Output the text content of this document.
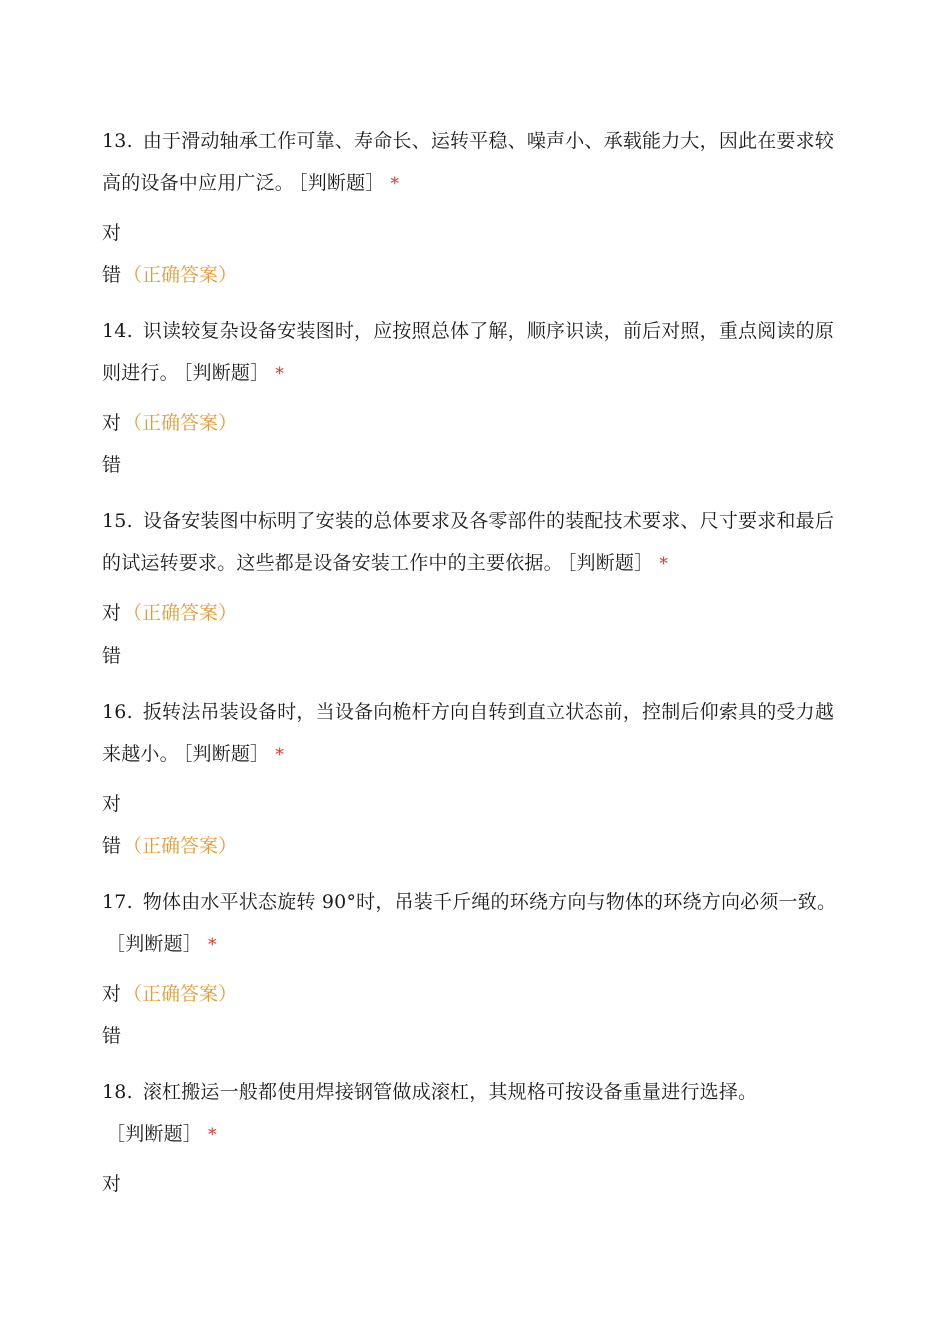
13. 由于滑动轴承工作可靠、寿命长、运转平稳、噪声小、承载能力大，因此在要求较高的设备中应用广泛。 ［判断题］ *

对
错 （正确答案）

14. 识读较复杂设备安装图时，应按照总体了解，顺序识读，前后对照，重点阅读的原则进行。 ［判断题］ *

对 （正确答案）
错

15. 设备安装图中标明了安装的总体要求及各零部件的装配技术要求、尺寸要求和最后的试运转要求。这些都是设备安装工作中的主要依据。 ［判断题］ *

对 （正确答案）
错

16. 扳转法吊装设备时，当设备向桅杆方向自转到直立状态前，控制后仰索具的受力越来越小。 ［判断题］ *

对
错 （正确答案）

17. 物体由水平状态旋转 90°时，吊装千斤绳的环绕方向与物体的环绕方向必须一致。［判断题］ *

对 （正确答案）
错

18. 滚杠搬运一般都使用焊接钢管做成滚杠，其规格可按设备重量进行选择。［判断题］ *

对
